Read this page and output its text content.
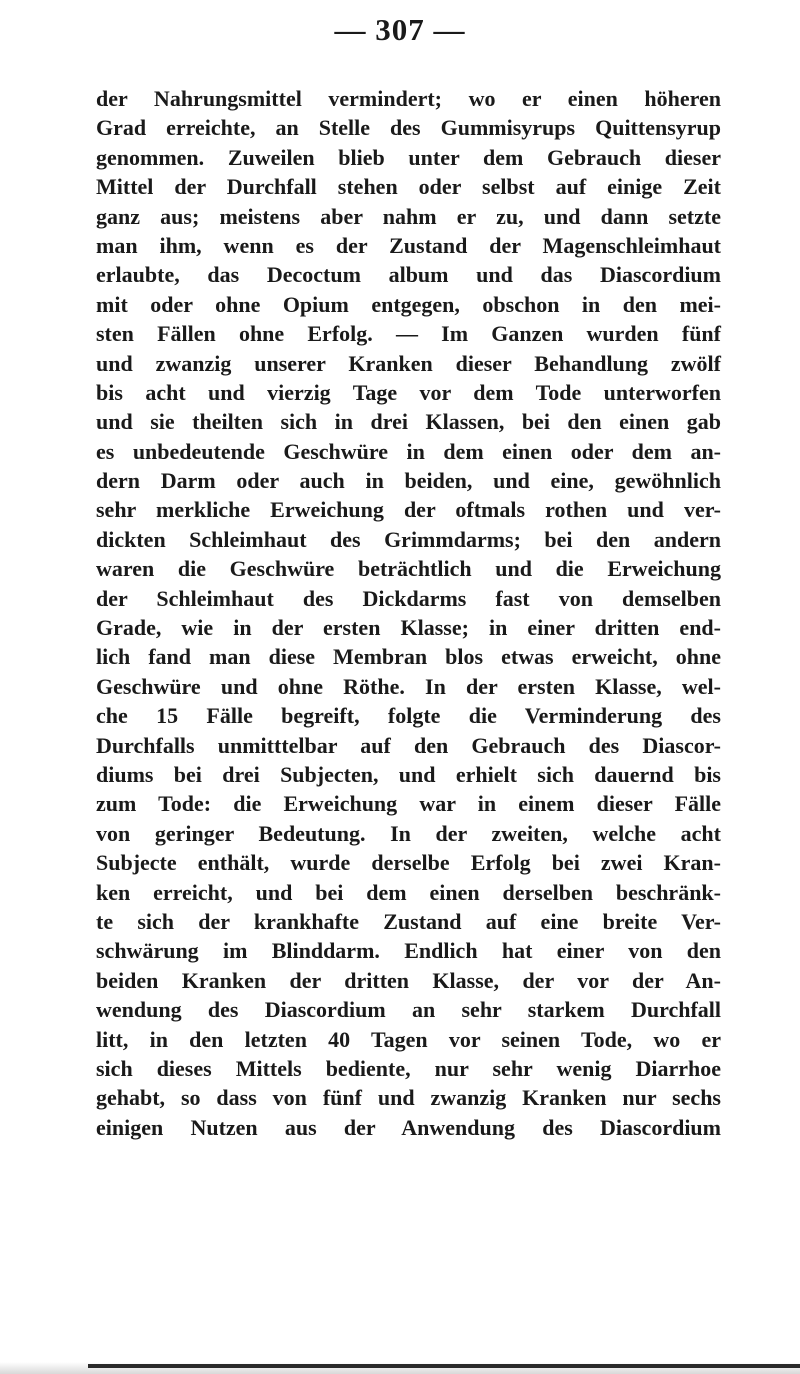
— 307 —
der Nahrungsmittel vermindert; wo er einen höheren
Grad erreichte, an Stelle des Gummisyrups Quittensyrup
genommen. Zuweilen blieb unter dem Gebrauch dieser
Mittel der Durchfall stehen oder selbst auf einige Zeit
ganz aus; meistens aber nahm er zu, und dann setzte
man ihm, wenn es der Zustand der Magenschleimhaut
erlaubte, das Decoctum album und das Diascordium
mit oder ohne Opium entgegen, obschon in den mei-
sten Fällen ohne Erfolg. — Im Ganzen wurden fünf
und zwanzig unserer Kranken dieser Behandlung zwölf
bis acht und vierzig Tage vor dem Tode unterworfen
und sie theilten sich in drei Klassen, bei den einen gab
es unbedeutende Geschwüre in dem einen oder dem an-
dern Darm oder auch in beiden, und eine, gewöhnlich
sehr merkliche Erweichung der oftmals rothen und ver-
dickten Schleimhaut des Grimmdarms; bei den andern
waren die Geschwüre beträchtlich und die Erweichung
der Schleimhaut des Dickdarms fast von demselben
Grade, wie in der ersten Klasse; in einer dritten end-
lich fand man diese Membran blos etwas erweicht, ohne
Geschwüre und ohne Röthe. In der ersten Klasse, wel-
che 15 Fälle begreift, folgte die Verminderung des
Durchfalls unmitttelbar auf den Gebrauch des Diascor-
diums bei drei Subjecten, und erhielt sich dauernd bis
zum Tode: die Erweichung war in einem dieser Fälle
von geringer Bedeutung. In der zweiten, welche acht
Subjecte enthält, wurde derselbe Erfolg bei zwei Kran-
ken erreicht, und bei dem einen derselben beschränk-
te sich der krankhafte Zustand auf eine breite Ver-
schwärung im Blinddarm. Endlich hat einer von den
beiden Kranken der dritten Klasse, der vor der An-
wendung des Diascordium an sehr starkem Durchfall
litt, in den letzten 40 Tagen vor seinen Tode, wo er
sich dieses Mittels bediente, nur sehr wenig Diarrhoe
gehabt, so dass von fünf und zwanzig Kranken nur sechs
einigen Nutzen aus der Anwendung des Diascordium
